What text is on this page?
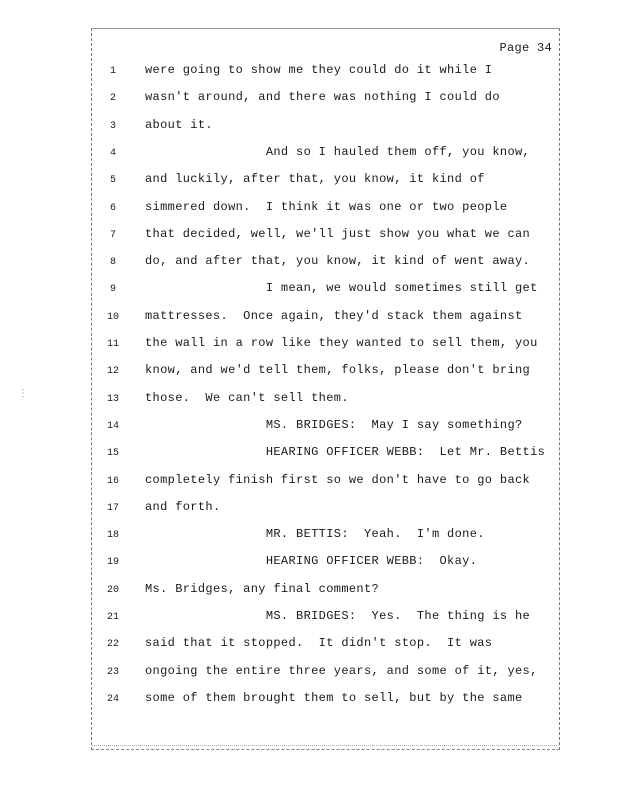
Page 34
1	were going to show me they could do it while I
2	wasn't around, and there was nothing I could do
3	about it.
4	And so I hauled them off, you know,
5	and luckily, after that, you know, it kind of
6	simmered down.  I think it was one or two people
7	that decided, well, we'll just show you what we can
8	do, and after that, you know, it kind of went away.
9	I mean, we would sometimes still get
10	mattresses.  Once again, they'd stack them against
11	the wall in a row like they wanted to sell them, you
12	know, and we'd tell them, folks, please don't bring
13	those.  We can't sell them.
14	MS. BRIDGES:  May I say something?
15	HEARING OFFICER WEBB:  Let Mr. Bettis
16	completely finish first so we don't have to go back
17	and forth.
18	MR. BETTIS:  Yeah.  I'm done.
19	HEARING OFFICER WEBB:  Okay.
20	Ms. Bridges, any final comment?
21	MS. BRIDGES:  Yes.  The thing is he
22	said that it stopped.  It didn't stop.  It was
23	ongoing the entire three years, and some of it, yes,
24	some of them brought them to sell, but by the same
⋮
